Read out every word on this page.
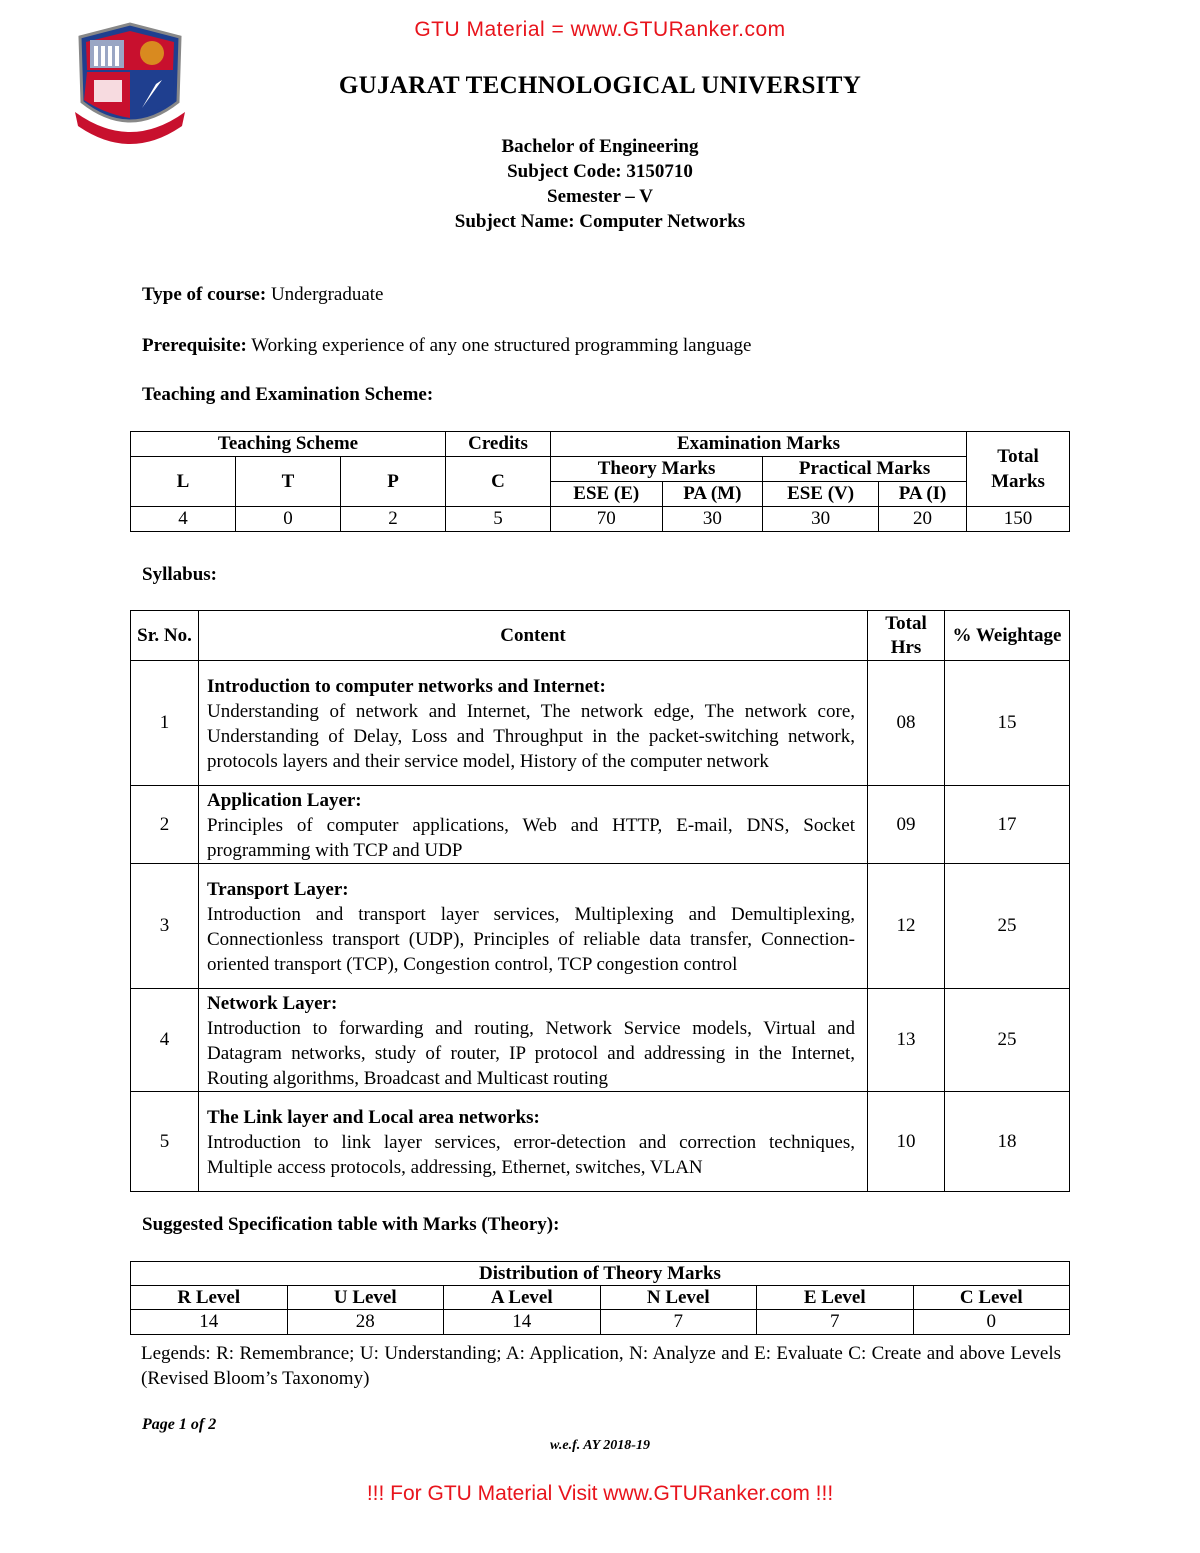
GTU Material = www.GTURanker.com
GUJARAT TECHNOLOGICAL UNIVERSITY
Bachelor of Engineering
Subject Code: 3150710
Semester – V
Subject Name: Computer Networks
Type of course: Undergraduate
Prerequisite: Working experience of any one structured programming language
Teaching and Examination Scheme:
Teaching Scheme			Credits	Examination Marks				Total Marks
L	T	P	C	Theory Marks		Practical Marks		
				ESE (E)	PA (M)	ESE (V)	PA (I)	
4	0	2	5	70	30	30	20	150
Syllabus:
Sr. No.	Content	Total Hrs	% Weightage
1	Introduction to computer networks and Internet:
Understanding of network and Internet, The network edge, The network core, Understanding of Delay, Loss and Throughput in the packet-switching network, protocols layers and their service model, History of the computer network	08	15
2	Application Layer:
Principles of computer applications, Web and HTTP, E-mail, DNS, Socket programming with TCP and UDP	09	17
3	Transport Layer:
Introduction and transport layer services, Multiplexing and Demultiplexing, Connectionless transport (UDP), Principles of reliable data transfer, Connection-oriented transport (TCP), Congestion control, TCP congestion control	12	25
4	Network Layer:
Introduction to forwarding and routing, Network Service models, Virtual and Datagram networks, study of router, IP protocol and addressing in the Internet, Routing algorithms, Broadcast and Multicast routing	13	25
5	The Link layer and Local area networks:
Introduction to link layer services, error-detection and correction techniques, Multiple access protocols, addressing, Ethernet, switches, VLAN	10	18
Suggested Specification table with Marks (Theory):
Distribution of Theory Marks					
R Level	U Level	A Level	N Level	E Level	C Level
14	28	14	7	7	0
Legends: R: Remembrance; U: Understanding; A: Application, N: Analyze and E: Evaluate C: Create and above Levels (Revised Bloom’s Taxonomy)
Page 1 of 2
w.e.f. AY 2018-19
!!! For GTU Material Visit www.GTURanker.com !!!
